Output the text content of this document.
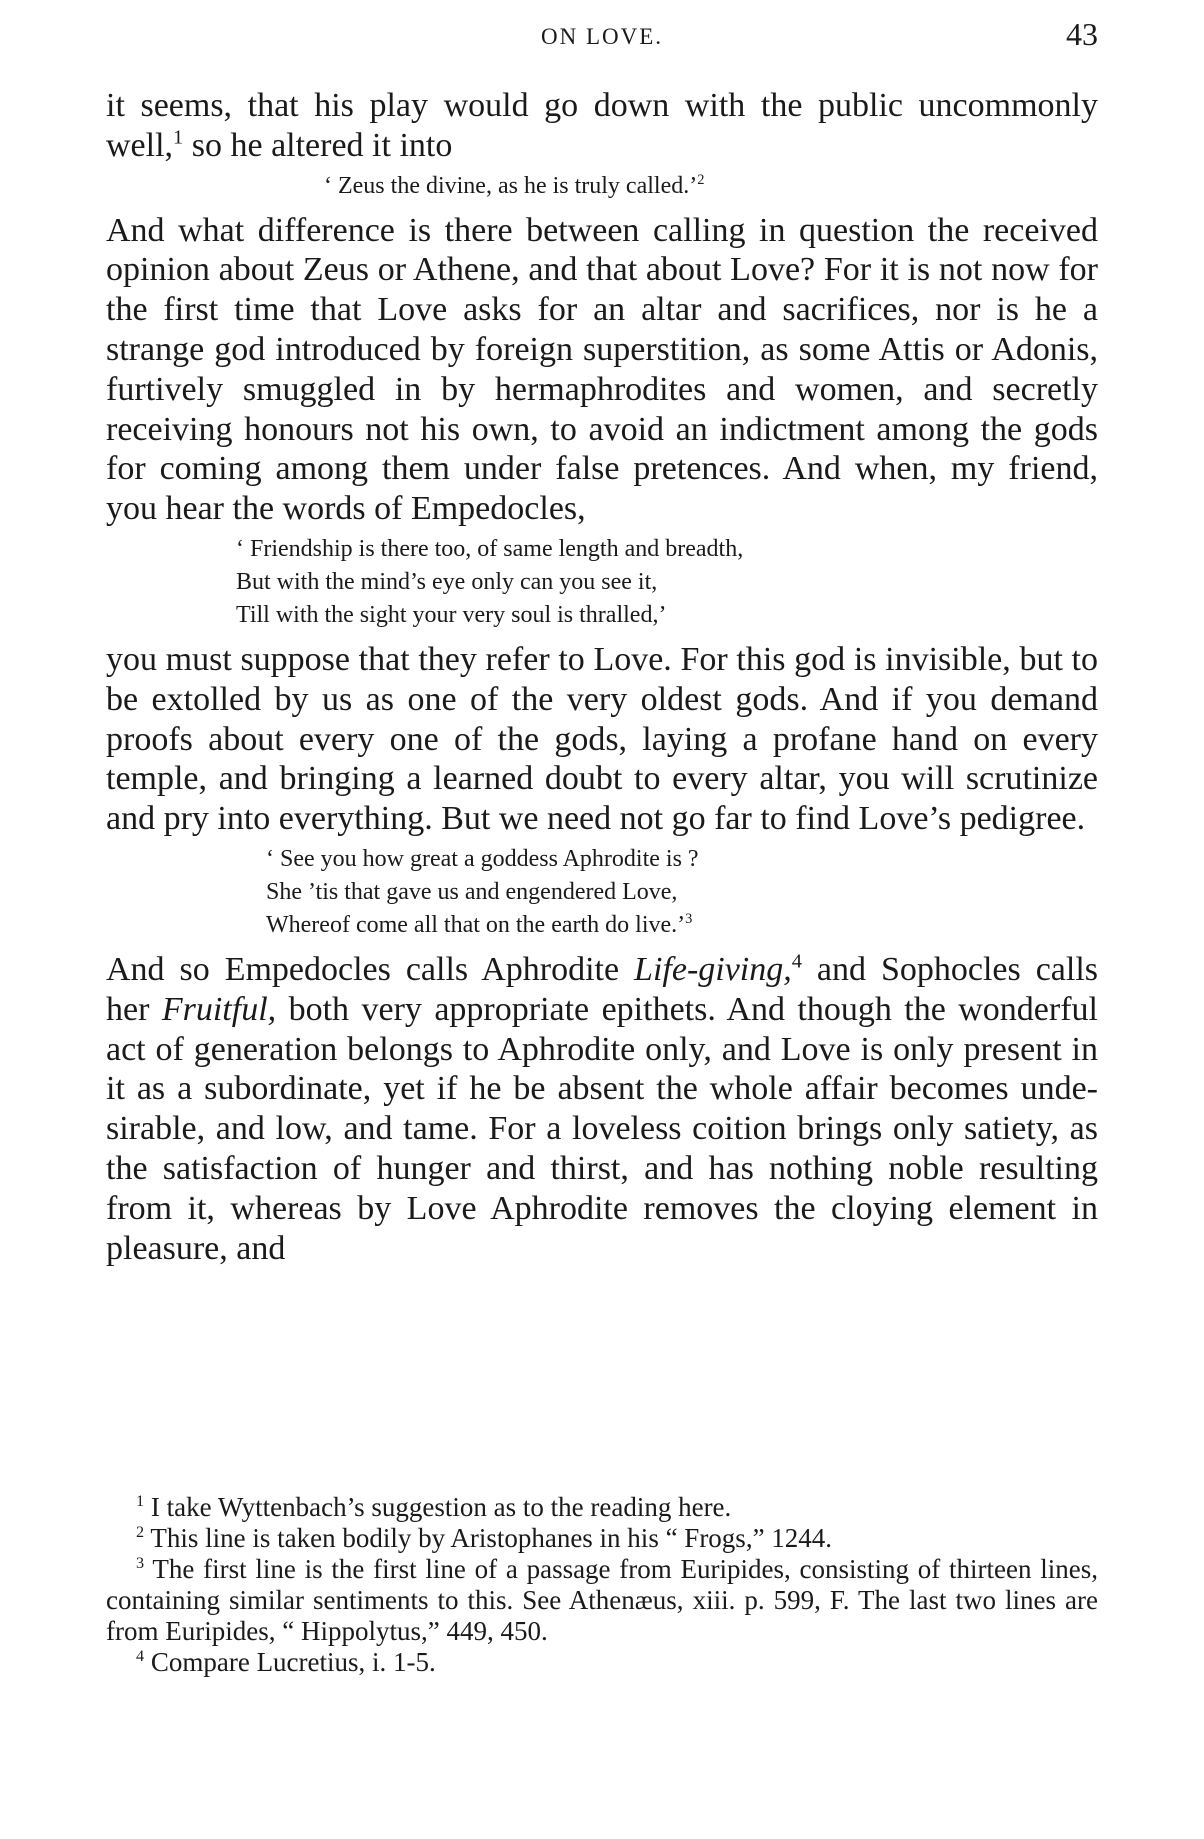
ON LOVE.	43

it seems, that his play would go down with the public uncommonly well,$^1$ so he altered it into

‘ Zeus the divine, as he is truly called.’$^2$

And what difference is there between calling in question the received opinion about Zeus or Athene, and that about Love? For it is not now for the first time that Love asks for an altar and sacrifices, nor is he a strange god introduced by foreign superstition, as some Attis or Adonis, furtively smuggled in by hermaphrodites and women, and secretly receiving honours not his own, to avoid an indictment among the gods for coming among them under false pretences. And when, my friend, you hear the words of Empedocles,

‘ Friendship is there too, of same length and breadth,
But with the mind’s eye only can you see it,
Till with the sight your very soul is thralled,’

you must suppose that they refer to Love. For this god is invisible, but to be extolled by us as one of the very oldest gods. And if you demand proofs about every one of the gods, laying a profane hand on every temple, and bringing a learned doubt to every altar, you will scrutinize and pry into everything. But we need not go far to find Love’s pedigree.

‘ See you how great a goddess Aphrodite is ?
She ’tis that gave us and engendered Love,
Whereof come all that on the earth do live.’$^3$

And so Empedocles calls Aphrodite Life-giving,$^4$ and Sophocles calls her Fruitful, both very appropriate epithets. And though the wonderful act of generation belongs to Aphrodite only, and Love is only present in it as a subordinate, yet if he be absent the whole affair becomes undesirable, and low, and tame. For a loveless coition brings only satiety, as the satisfaction of hunger and thirst, and has nothing noble resulting from it, whereas by Love Aphrodite removes the cloying element in pleasure, and

$^1$ I take Wyttenbach’s suggestion as to the reading here.

$^2$ This line is taken bodily by Aristophanes in his “ Frogs,” 1244.

$^3$ The first line is the first line of a passage from Euripides, consisting of thirteen lines, containing similar sentiments to this. See Athenæus, xiii. p. 599, F. The last two lines are from Euripides, “ Hippolytus,” 449, 450.

$^4$ Compare Lucretius, i. 1-5.
